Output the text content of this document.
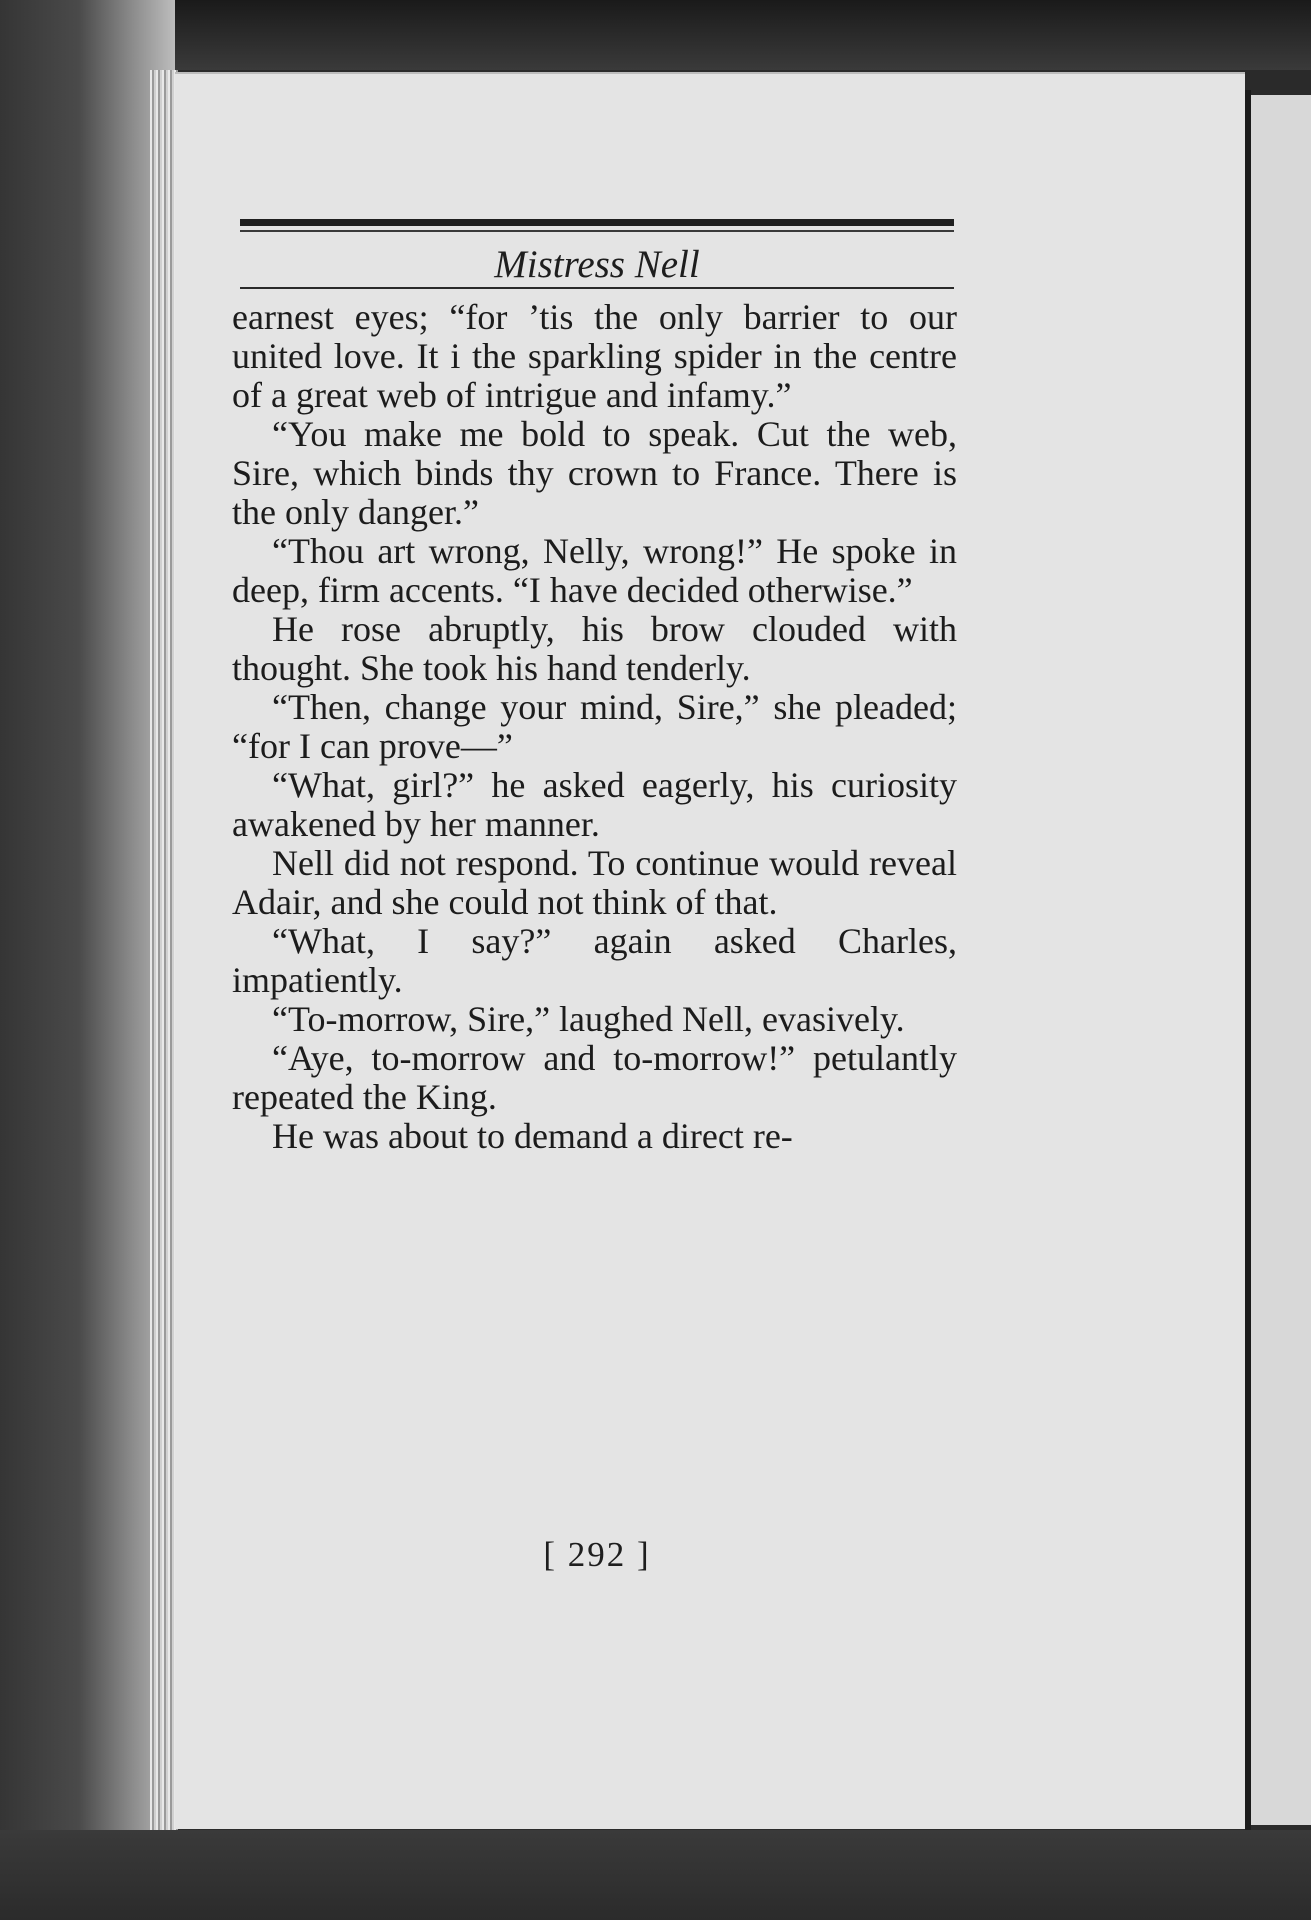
Mistress Nell

earnest eyes; “for ’tis the only barrier to our united love. It i the sparkling spider in the centre of a great web of intrigue and infamy.”

“You make me bold to speak. Cut the web, Sire, which binds thy crown to France. There is the only danger.”

“Thou art wrong, Nelly, wrong!” He spoke in deep, firm accents. “I have decided otherwise.”

He rose abruptly, his brow clouded with thought. She took his hand tenderly.

“Then, change your mind, Sire,” she pleaded; “for I can prove—”

“What, girl?” he asked eagerly, his curiosity awakened by her manner.

Nell did not respond. To continue would reveal Adair, and she could not think of that.

“What, I say?” again asked Charles, impatiently.

“To-morrow, Sire,” laughed Nell, evasively.

“Aye, to-morrow and to-morrow!” petulantly repeated the King.

He was about to demand a direct re-

[ 292 ]
